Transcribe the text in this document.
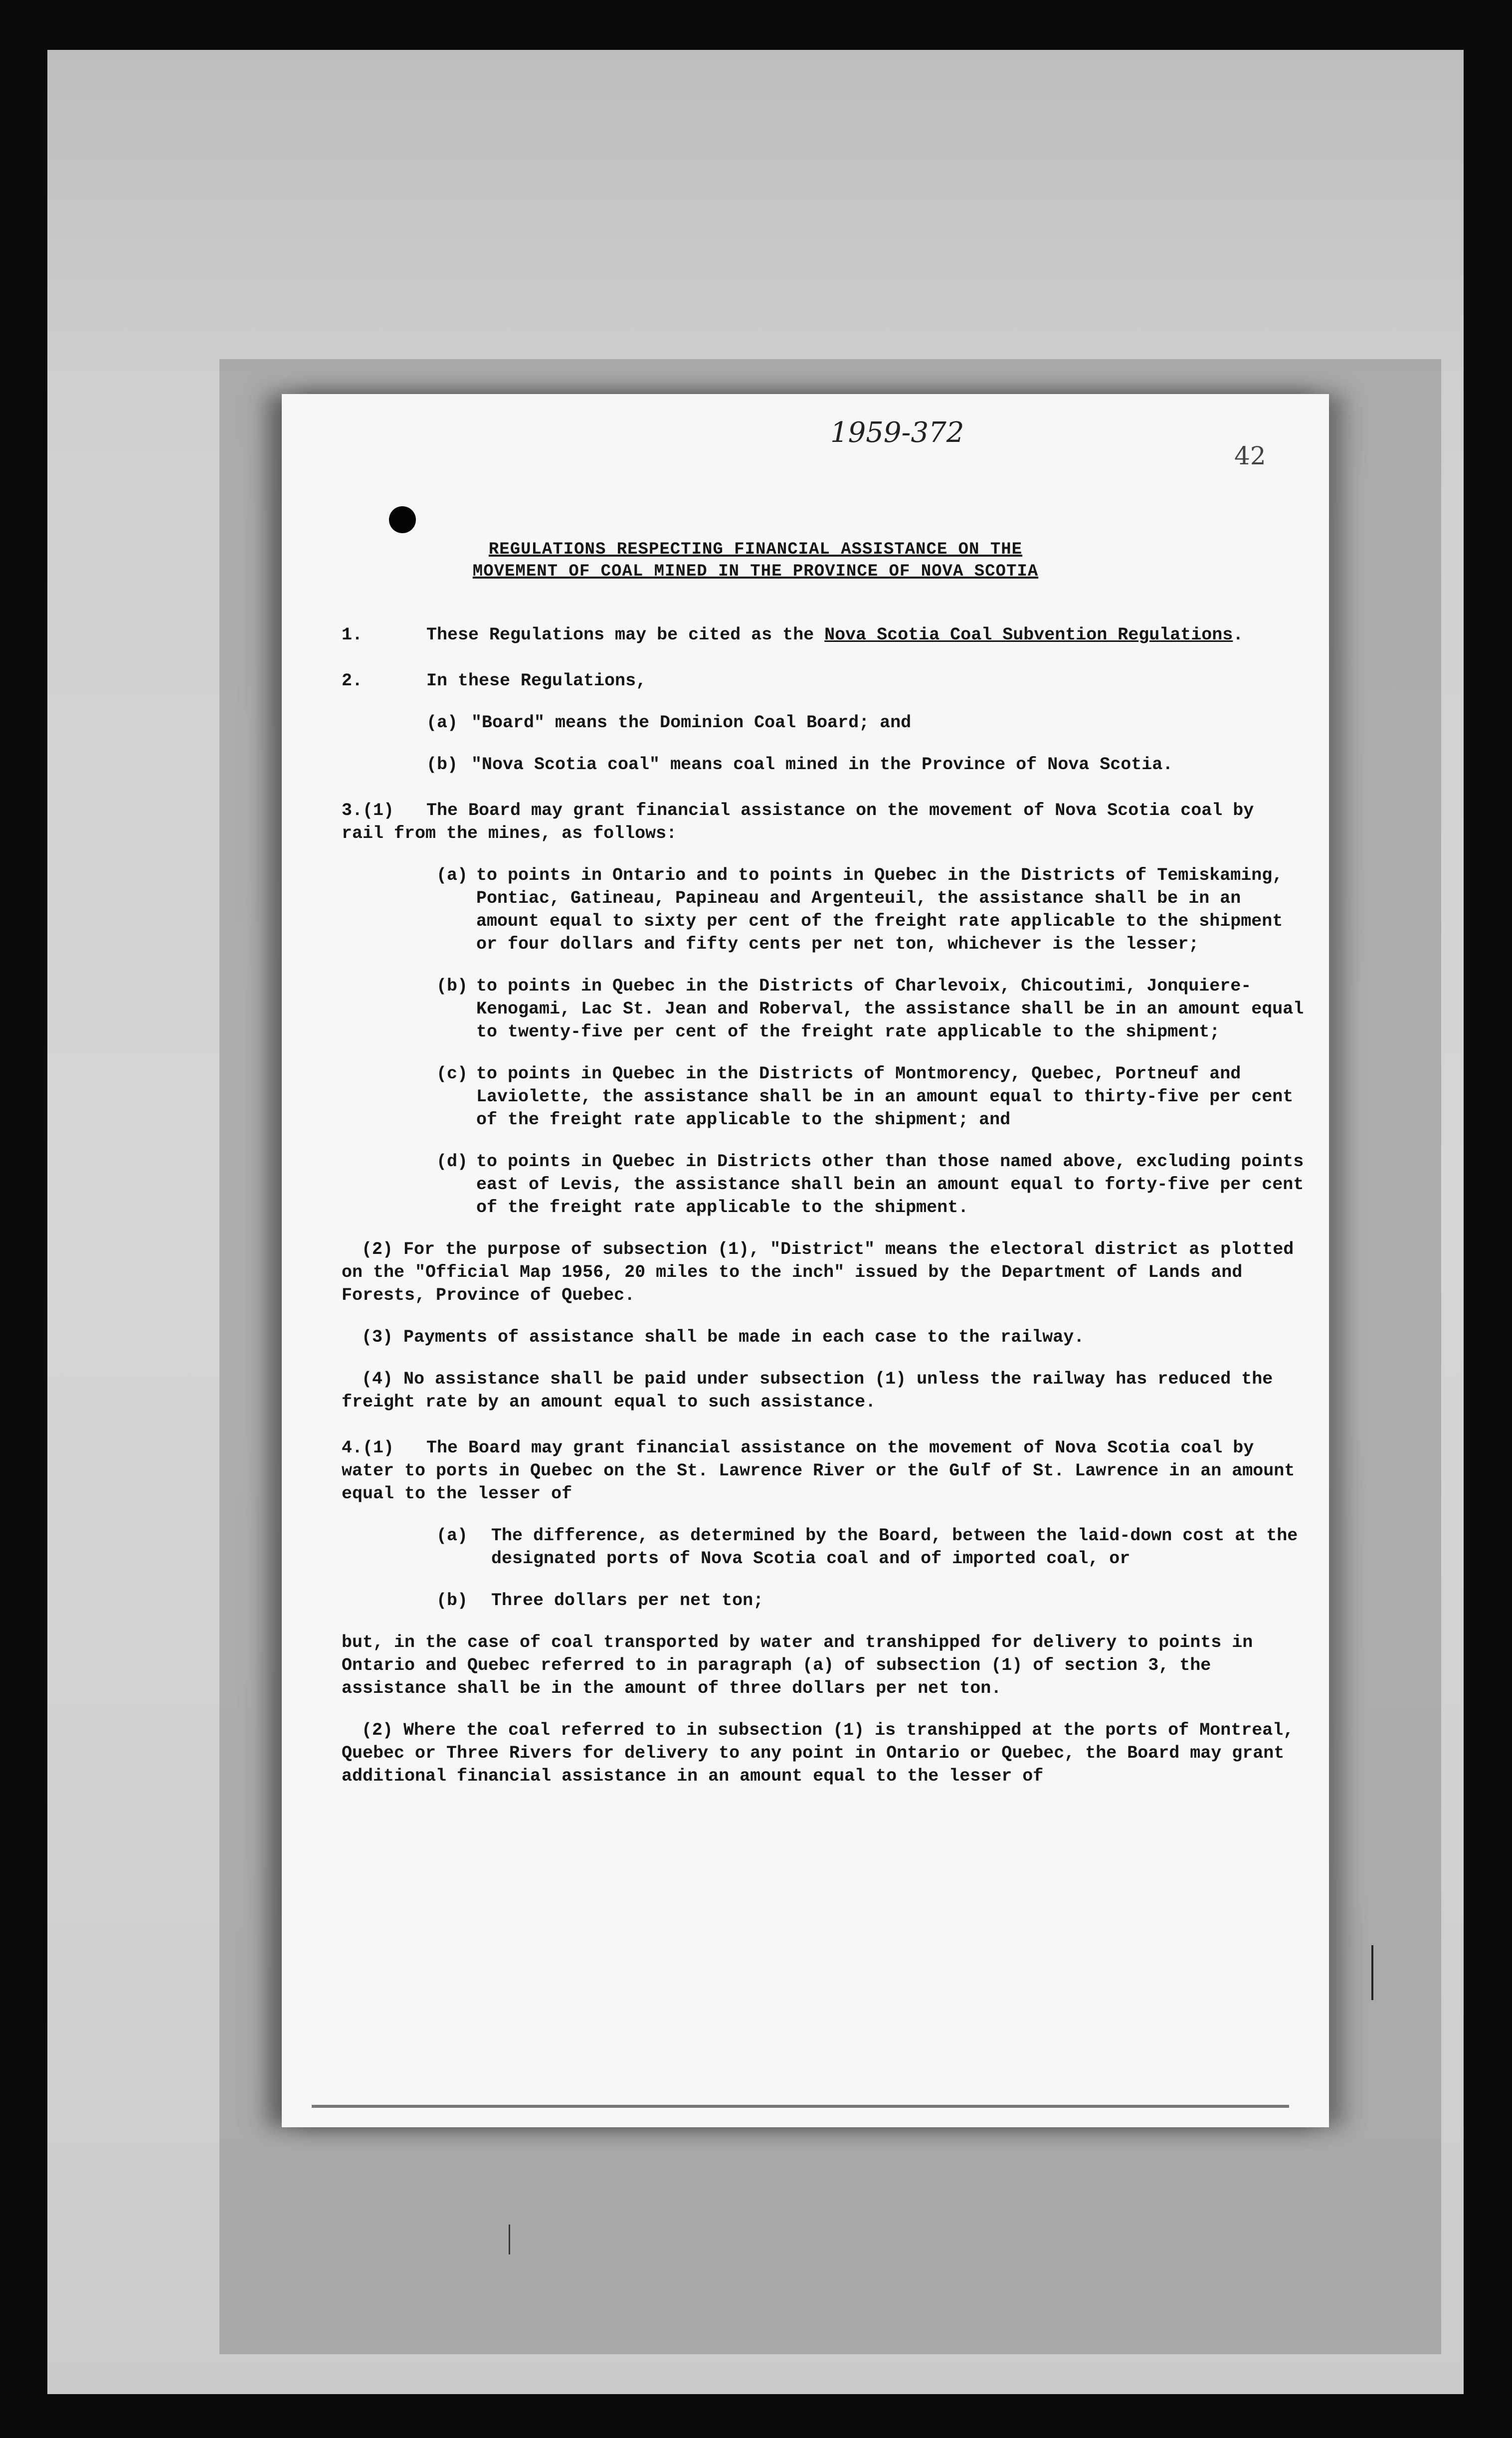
1959-372
42
REGULATIONS RESPECTING FINANCIAL ASSISTANCE ON THE
MOVEMENT OF COAL MINED IN THE PROVINCE OF NOVA SCOTIA
1.	These Regulations may be cited as the Nova Scotia Coal Subvention Regulations.
2.	In these Regulations,
(a) "Board" means the Dominion Coal Board; and
(b) "Nova Scotia coal" means coal mined in the Province of Nova Scotia.
3.(1) The Board may grant financial assistance on the movement of Nova Scotia coal by rail from the mines, as follows:
(a) to points in Ontario and to points in Quebec in the Districts of Temiskaming, Pontiac, Gatineau, Papineau and Argenteuil, the assistance shall be in an amount equal to sixty per cent of the freight rate applicable to the shipment or four dollars and fifty cents per net ton, whichever is the lesser;
(b) to points in Quebec in the Districts of Charlevoix, Chicoutimi, Jonquiere-Kenogami, Lac St. Jean and Roberval, the assistance shall be in an amount equal to twenty-five per cent of the freight rate applicable to the shipment;
(c) to points in Quebec in the Districts of Montmorency, Quebec, Portneuf and Laviolette, the assistance shall be in an amount equal to thirty-five per cent of the freight rate applicable to the shipment; and
(d) to points in Quebec in Districts other than those named above, excluding points east of Levis, the assistance shall bein an amount equal to forty-five per cent of the freight rate applicable to the shipment.
(2) For the purpose of subsection (1), "District" means the electoral district as plotted on the "Official Map 1956, 20 miles to the inch" issued by the Department of Lands and Forests, Province of Quebec.
(3) Payments of assistance shall be made in each case to the railway.
(4) No assistance shall be paid under subsection (1) unless the railway has reduced the freight rate by an amount equal to such assistance.
4.(1) The Board may grant financial assistance on the movement of Nova Scotia coal by water to ports in Quebec on the St. Lawrence River or the Gulf of St. Lawrence in an amount equal to the lesser of
(a) The difference, as determined by the Board, between the laid-down cost at the designated ports of Nova Scotia coal and of imported coal, or
(b) Three dollars per net ton;
but, in the case of coal transported by water and transhipped for delivery to points in Ontario and Quebec referred to in paragraph (a) of subsection (1) of section 3, the assistance shall be in the amount of three dollars per net ton.
(2) Where the coal referred to in subsection (1) is transhipped at the ports of Montreal, Quebec or Three Rivers for delivery to any point in Ontario or Quebec, the Board may grant additional financial assistance in an amount equal to the lesser of
